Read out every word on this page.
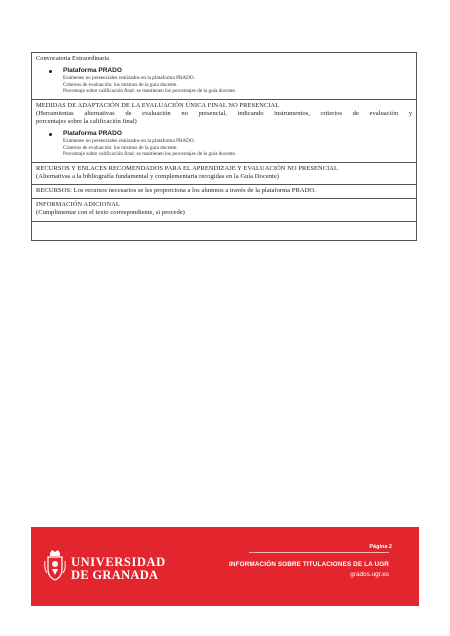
Convocatoria Extraordinaria
Plataforma PRADO
Exámenes no presenciales realizados en la plataforma PRADO.
Criterios de evaluación: los mismos de la guía docente.
Porcentaje sobre calificación final: se mantienen los porcentajes de la guía docente.
MEDIDAS DE ADAPTACIÓN DE LA EVALUACIÓN ÚNICA FINAL NO PRESENCIAL
(Herramientas alternativas de evaluación no presencial, indicando instrumentos, criterios de evaluación y
porcentajes sobre la calificación final)
Plataforma PRADO
Exámenes no presenciales realizados en la plataforma PRADO.
Criterios de evaluación: los mismos de la guía docente.
Porcentaje sobre calificación final: se mantienen los porcentajes de la guía docente.
RECURSOS Y ENLACES RECOMENDADOS PARA EL APRENDIZAJE Y EVALUACIÓN NO PRESENCIAL
(Alternativas a la bibliografía fundamental y complementaria recogidas en la Guía Docente)
RECURSOS: Los recursos necesarios se les proporciona a los alumnos a través de la plataforma PRADO.
INFORMACIÓN ADICIONAL
(Cumplimentar con el texto correspondiente, si procede)
UNIVERSIDAD
DE GRANADA
Página 2
INFORMACIÓN SOBRE TITULACIONES DE LA UGR
grados.ugr.es
